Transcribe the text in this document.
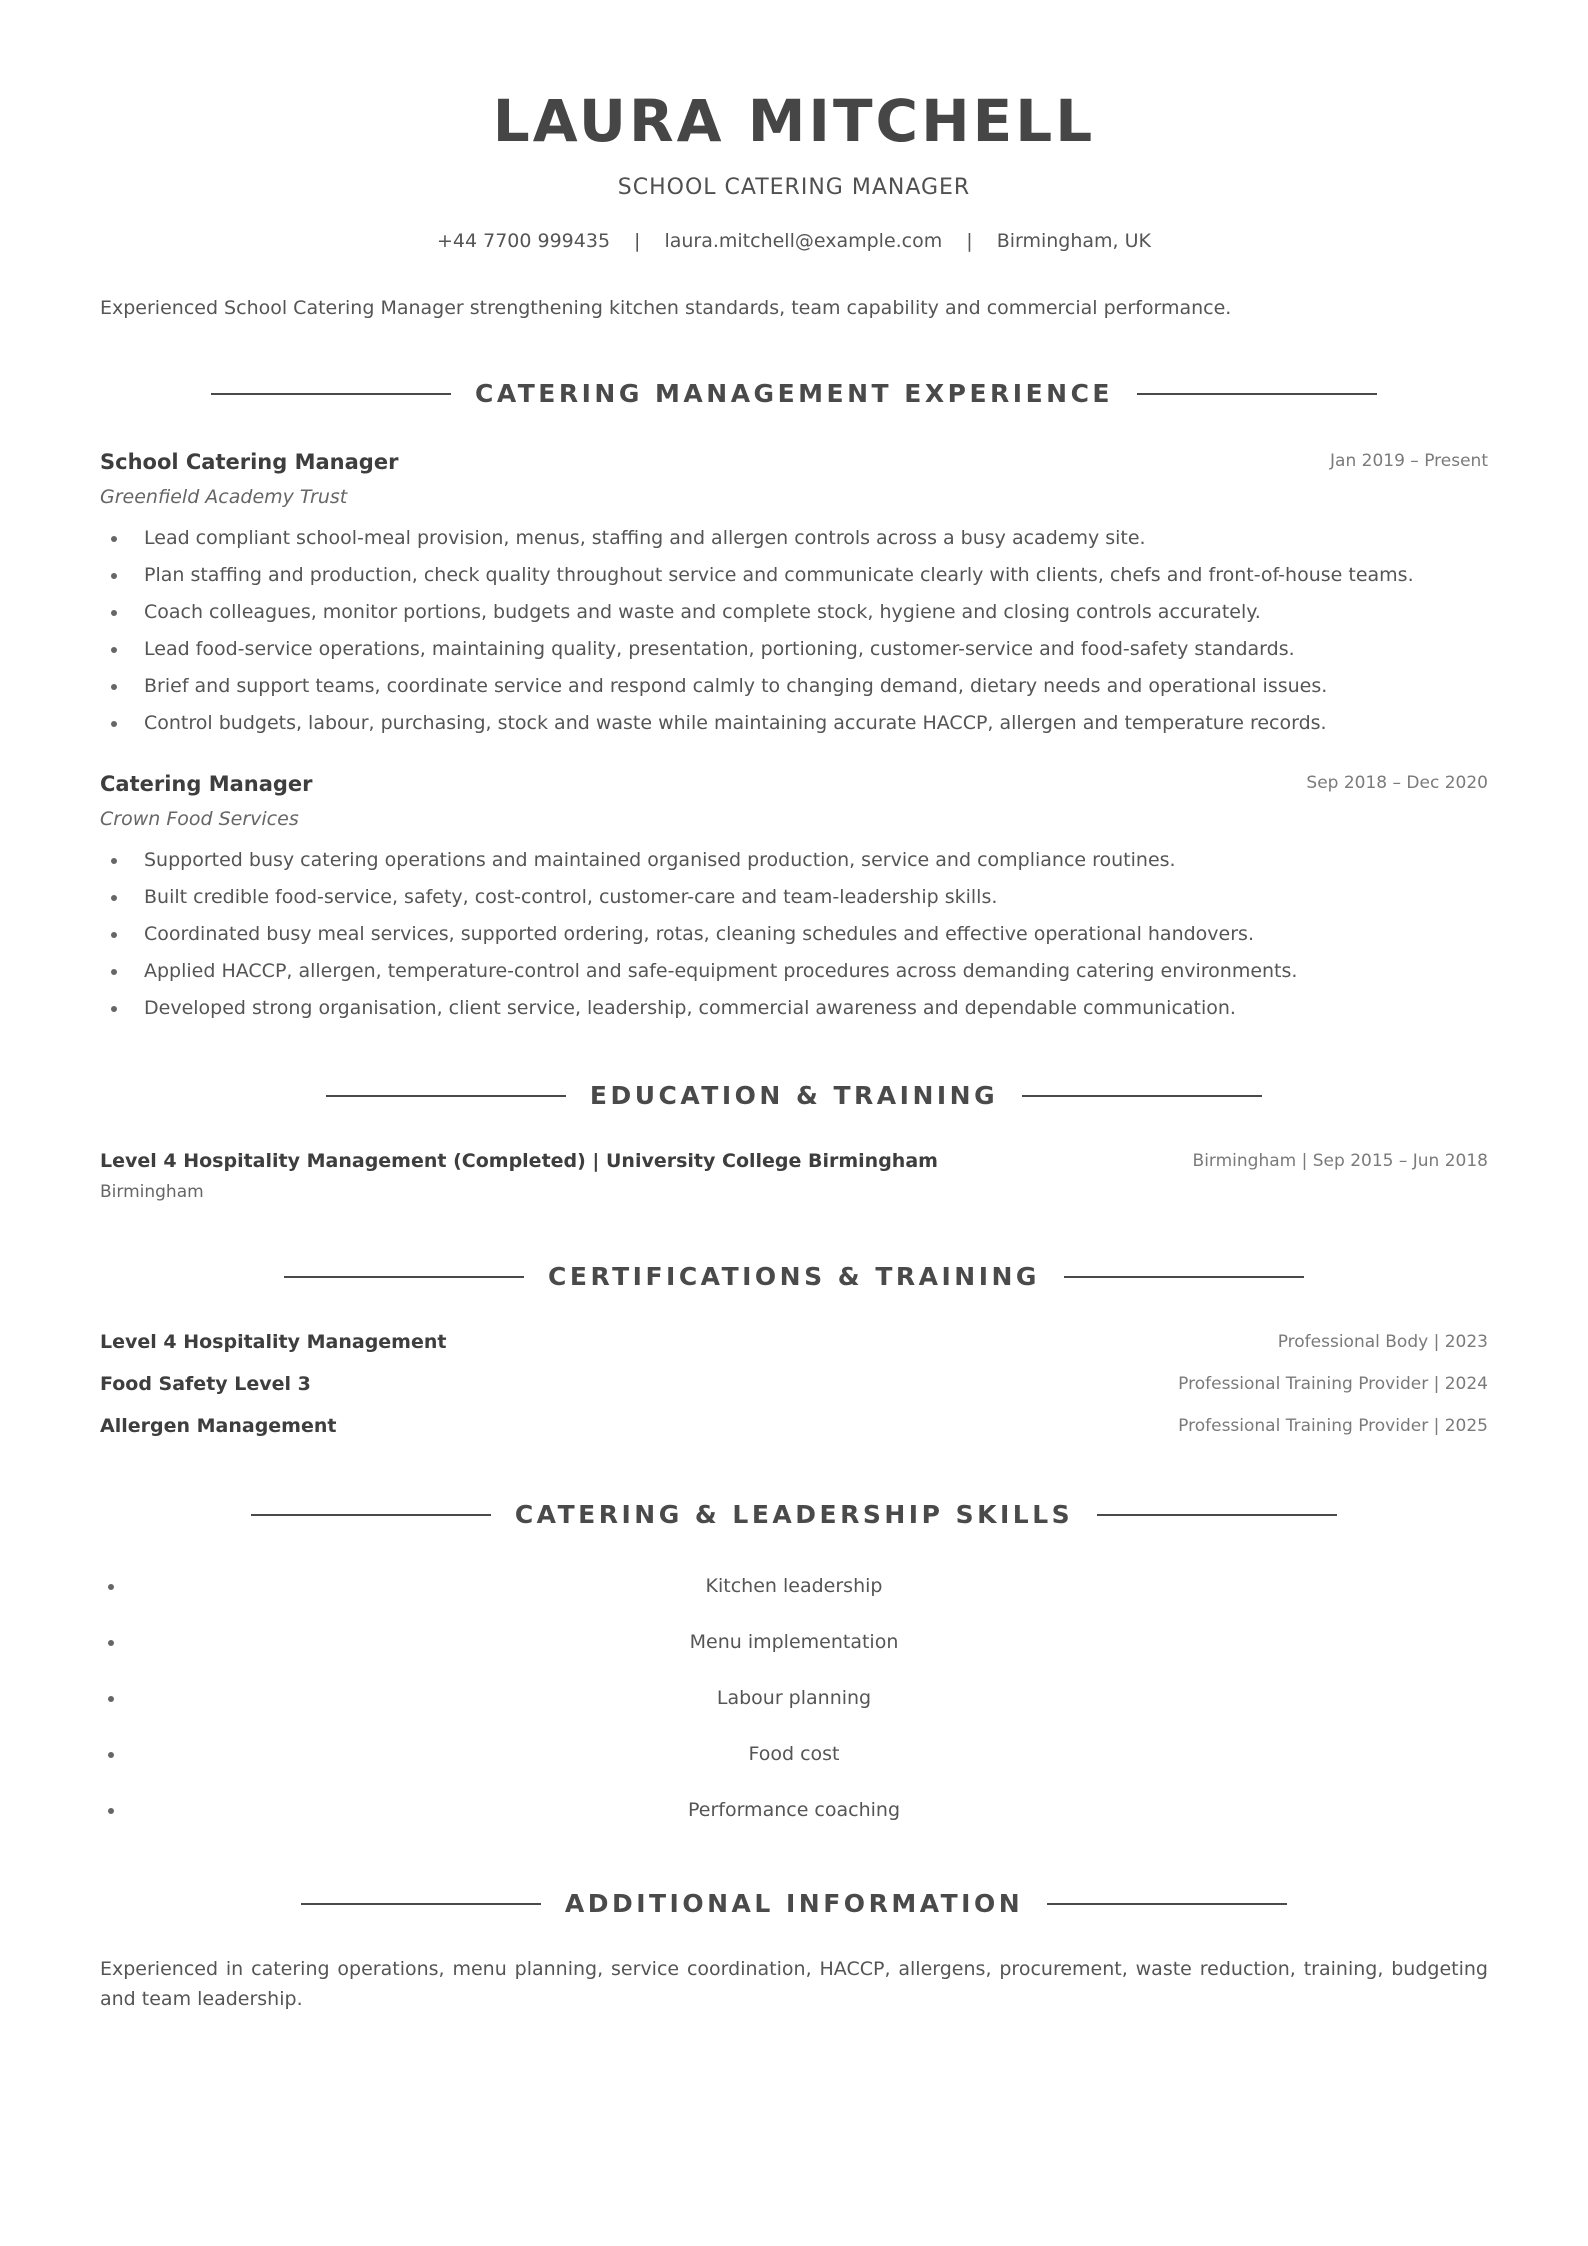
LAURA MITCHELL
SCHOOL CATERING MANAGER
+44 7700 999435 | laura.mitchell@example.com | Birmingham, UK
Experienced School Catering Manager strengthening kitchen standards, team capability and commercial performance.
CATERING MANAGEMENT EXPERIENCE
School Catering Manager	Jan 2019 – Present
Greenfield Academy Trust
Lead compliant school-meal provision, menus, staffing and allergen controls across a busy academy site.
Plan staffing and production, check quality throughout service and communicate clearly with clients, chefs and front-of-house teams.
Coach colleagues, monitor portions, budgets and waste and complete stock, hygiene and closing controls accurately.
Lead food-service operations, maintaining quality, presentation, portioning, customer-service and food-safety standards.
Brief and support teams, coordinate service and respond calmly to changing demand, dietary needs and operational issues.
Control budgets, labour, purchasing, stock and waste while maintaining accurate HACCP, allergen and temperature records.
Catering Manager	Sep 2018 – Dec 2020
Crown Food Services
Supported busy catering operations and maintained organised production, service and compliance routines.
Built credible food-service, safety, cost-control, customer-care and team-leadership skills.
Coordinated busy meal services, supported ordering, rotas, cleaning schedules and effective operational handovers.
Applied HACCP, allergen, temperature-control and safe-equipment procedures across demanding catering environments.
Developed strong organisation, client service, leadership, commercial awareness and dependable communication.
EDUCATION & TRAINING
Level 4 Hospitality Management (Completed) | University College Birmingham	Birmingham | Sep 2015 – Jun 2018
Birmingham
CERTIFICATIONS & TRAINING
Level 4 Hospitality Management	Professional Body | 2023
Food Safety Level 3	Professional Training Provider | 2024
Allergen Management	Professional Training Provider | 2025
CATERING & LEADERSHIP SKILLS
Kitchen leadership
Menu implementation
Labour planning
Food cost
Performance coaching
ADDITIONAL INFORMATION
Experienced in catering operations, menu planning, service coordination, HACCP, allergens, procurement, waste reduction, training, budgeting and team leadership.
